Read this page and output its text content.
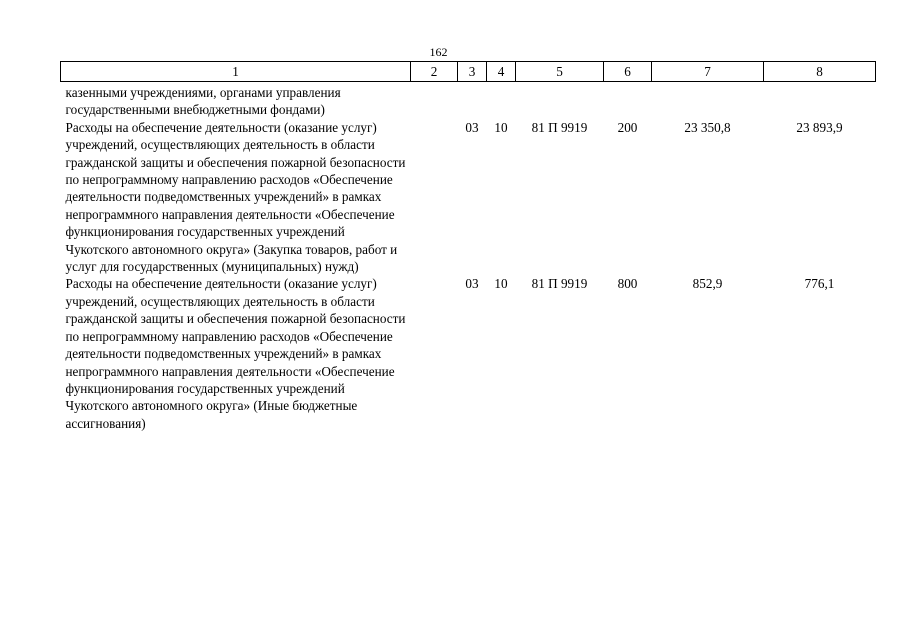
162
1	2	3	4	5	6	7	8
казенными учреждениями, органами управления государственными внебюджетными фондами)							
Расходы на обеспечение деятельности (оказание услуг) учреждений, осуществляющих деятельность в области гражданской защиты и обеспечения пожарной безопасности по непрограммному направлению расходов «Обеспечение деятельности подведомственных учреждений» в рамках непрограммного направления деятельности «Обеспечение функционирования государственных учреждений Чукотского автономного округа» (Закупка товаров, работ и услуг для государственных (муниципальных) нужд)		03	10	81 П 9919	200	23 350,8	23 893,9
Расходы на обеспечение деятельности (оказание услуг) учреждений, осуществляющих деятельность в области гражданской защиты и обеспечения пожарной безопасности по непрограммному направлению расходов «Обеспечение деятельности подведомственных учреждений» в рамках непрограммного направления деятельности «Обеспечение функционирования государственных учреждений Чукотского автономного округа» (Иные бюджетные ассигнования)		03	10	81 П 9919	800	852,9	776,1
